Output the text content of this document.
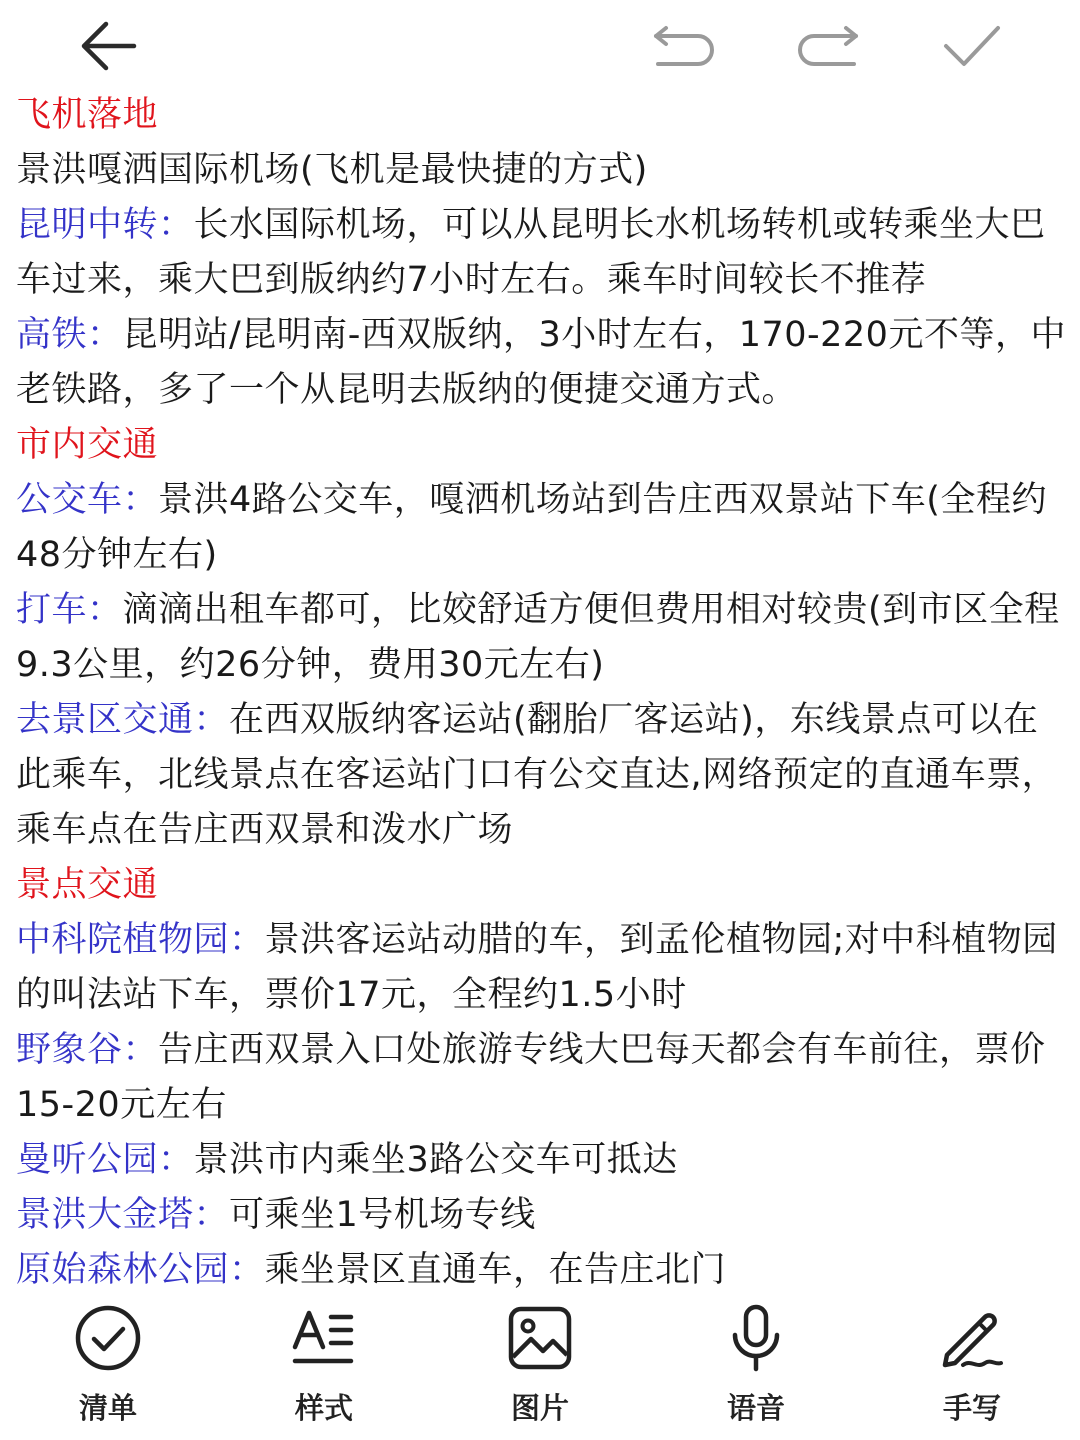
飞机落地

景洪嘎洒国际机场(飞机是最快捷的方式)

昆明中转：长水国际机场，可以从昆明长水机场转机或转乘坐大巴车过来，乘大巴到版纳约7小时左右。乘车时间较长不推荐

高铁：昆明站/昆明南-西双版纳，3小时左右，170-220元不等，中老铁路，多了一个从昆明去版纳的便捷交通方式。

市内交通

公交车：景洪4路公交车，嘎洒机场站到告庄西双景站下车(全程约48分钟左右)

打车：滴滴出租车都可，比姣舒适方便但费用相对较贵(到市区全程9.3公里，约26分钟，费用30元左右)

去景区交通：在西双版纳客运站(翻胎厂客运站)，东线景点可以在此乘车，北线景点在客运站门口有公交直达,网络预定的直通车票，乘车点在告庄西双景和泼水广场

景点交通

中科院植物园：景洪客运站动腊的车，到孟伦植物园;对中科植物园的叫法站下车，票价17元，全程约1.5小时

野象谷：告庄西双景入口处旅游专线大巴每天都会有车前往，票价15-20元左右

曼听公园：景洪市内乘坐3路公交车可抵达

景洪大金塔：可乘坐1号机场专线

原始森林公园：乘坐景区直通车，在告庄北门

清单	样式	图片	语音	手写
